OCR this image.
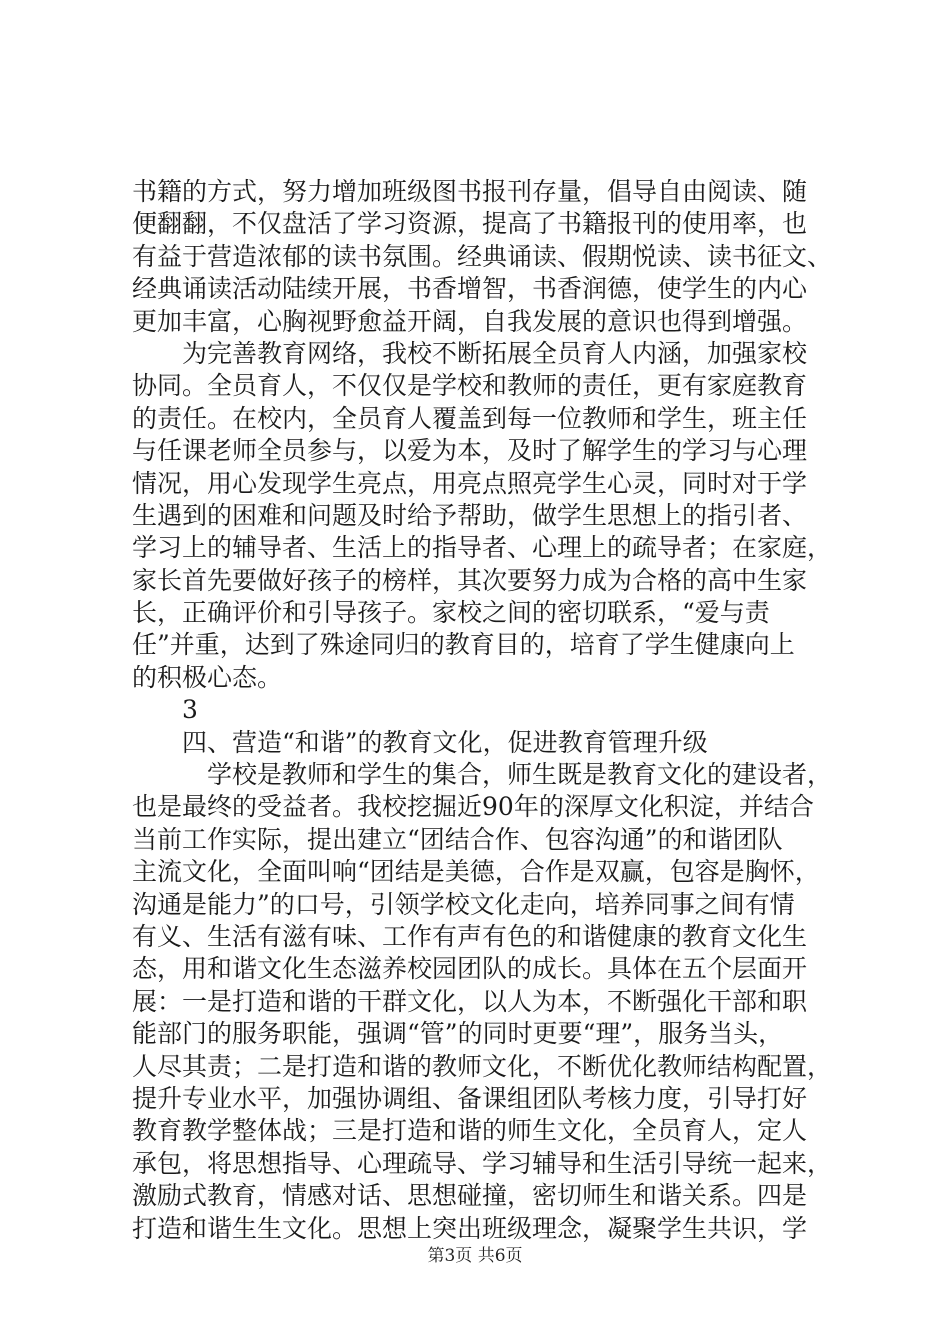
书籍的方式，努力增加班级图书报刊存量，倡导自由阅读、随
便翻翻，不仅盘活了学习资源，提高了书籍报刊的使用率，也
有益于营造浓郁的读书氛围。经典诵读、假期悦读、读书征文、
经典诵读活动陆续开展，书香增智，书香润德，使学生的内心
更加丰富，心胸视野愈益开阔，自我发展的意识也得到增强。
为完善教育网络，我校不断拓展全员育人内涵，加强家校
协同。全员育人，不仅仅是学校和教师的责任，更有家庭教育
的责任。在校内，全员育人覆盖到每一位教师和学生，班主任
与任课老师全员参与，以爱为本，及时了解学生的学习与心理
情况，用心发现学生亮点，用亮点照亮学生心灵，同时对于学
生遇到的困难和问题及时给予帮助，做学生思想上的指引者、
学习上的辅导者、生活上的指导者、心理上的疏导者；在家庭，
家长首先要做好孩子的榜样，其次要努力成为合格的高中生家
长，正确评价和引导孩子。家校之间的密切联系，“爱与责
任”并重，达到了殊途同归的教育目的，培育了学生健康向上
的积极心态。
3
四、营造“和谐”的教育文化，促进教育管理升级
学校是教师和学生的集合，师生既是教育文化的建设者，
也是最终的受益者。我校挖掘近90年的深厚文化积淀，并结合
当前工作实际，提出建立“团结合作、包容沟通”的和谐团队
主流文化，全面叫响“团结是美德，合作是双赢，包容是胸怀，
沟通是能力”的口号，引领学校文化走向，培养同事之间有情
有义、生活有滋有味、工作有声有色的和谐健康的教育文化生
态，用和谐文化生态滋养校园团队的成长。具体在五个层面开
展：一是打造和谐的干群文化，以人为本，不断强化干部和职
能部门的服务职能，强调“管”的同时更要“理”，服务当头，
人尽其责；二是打造和谐的教师文化，不断优化教师结构配置，
提升专业水平，加强协调组、备课组团队考核力度，引导打好
教育教学整体战；三是打造和谐的师生文化，全员育人，定人
承包，将思想指导、心理疏导、学习辅导和生活引导统一起来，
激励式教育，情感对话、思想碰撞，密切师生和谐关系。四是
打造和谐生生文化。思想上突出班级理念，凝聚学生共识，学
第3页 共6页
